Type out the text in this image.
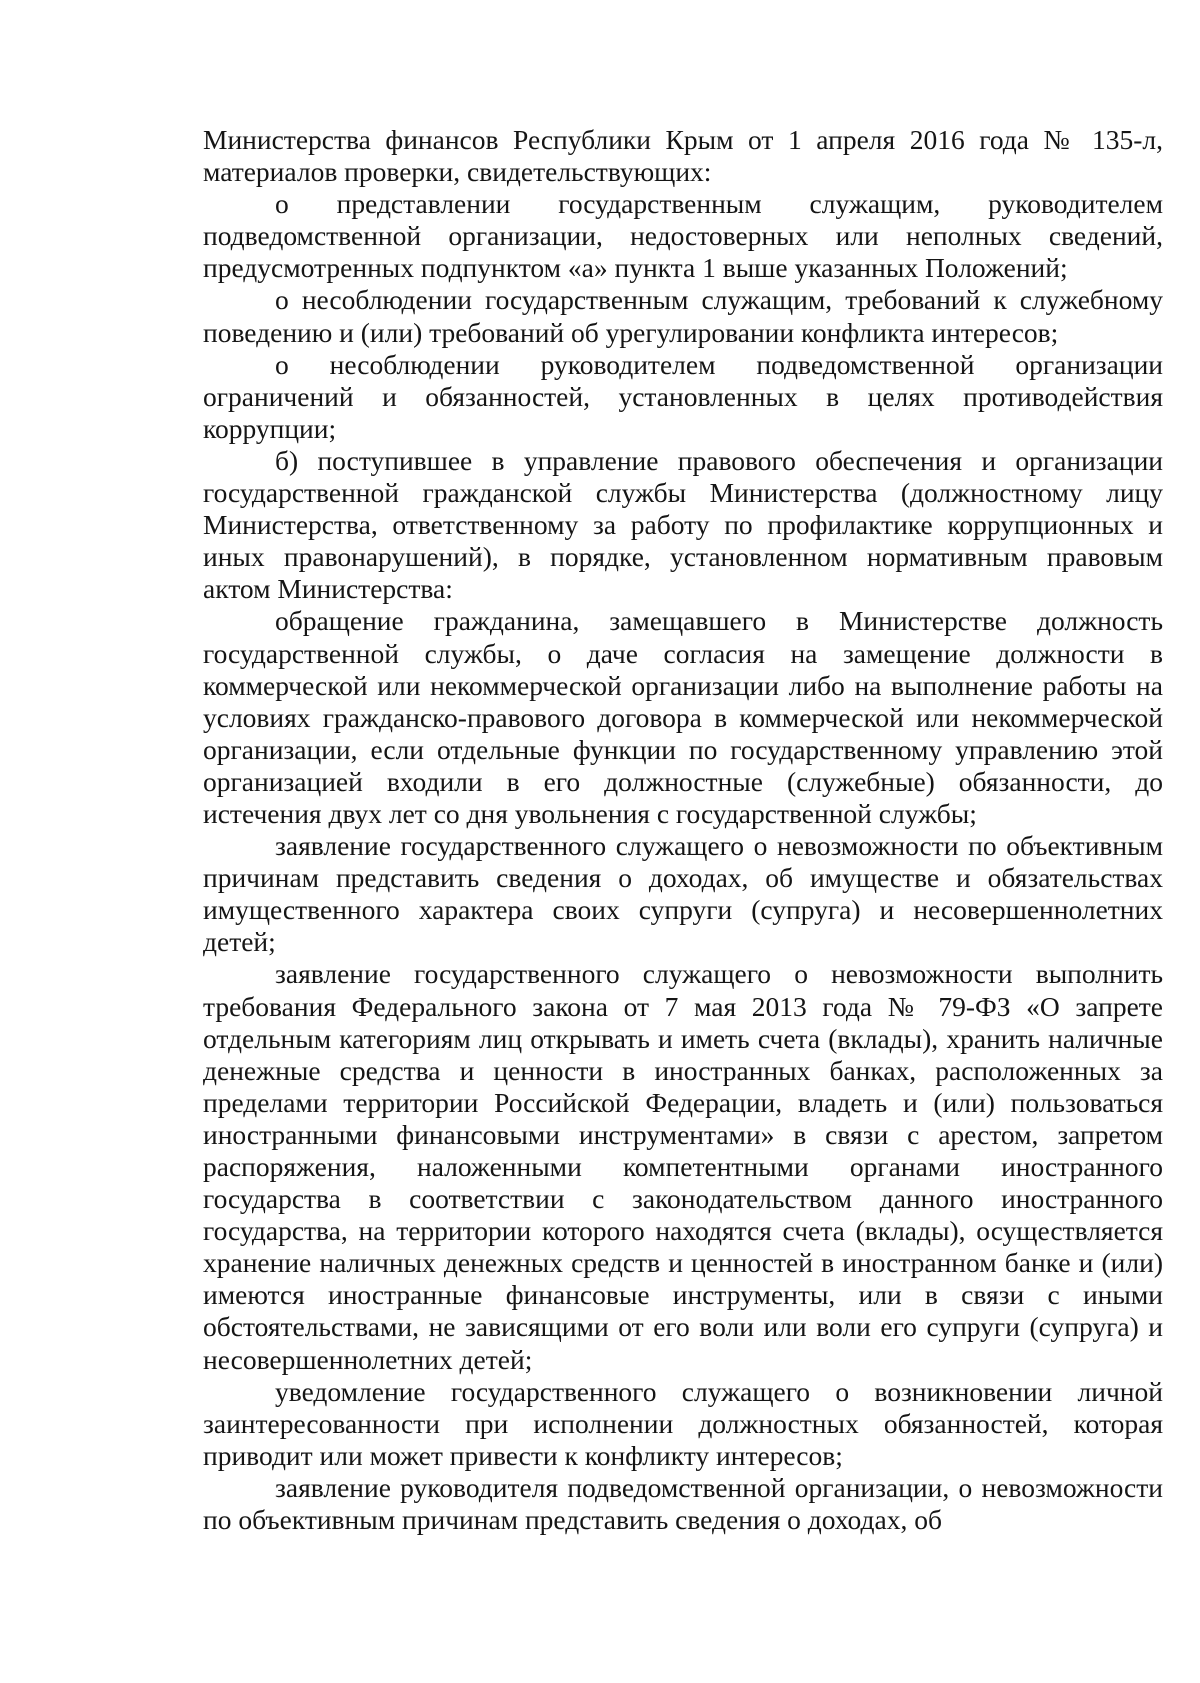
Министерства финансов Республики Крым от 1 апреля 2016 года № 135-л, материалов проверки, свидетельствующих:

о представлении государственным служащим, руководителем подведомственной организации, недостоверных или неполных сведений, предусмотренных подпунктом «а» пункта 1 выше указанных Положений;

о несоблюдении государственным служащим, требований к служебному поведению и (или) требований об урегулировании конфликта интересов;

о несоблюдении руководителем подведомственной организации ограничений и обязанностей, установленных в целях противодействия коррупции;

б) поступившее в управление правового обеспечения и организации государственной гражданской службы Министерства (должностному лицу Министерства, ответственному за работу по профилактике коррупционных и иных правонарушений), в порядке, установленном нормативным правовым актом Министерства:

обращение гражданина, замещавшего в Министерстве должность государственной службы, о даче согласия на замещение должности в коммерческой или некоммерческой организации либо на выполнение работы на условиях гражданско-правового договора в коммерческой или некоммерческой организации, если отдельные функции по государственному управлению этой организацией входили в его должностные (служебные) обязанности, до истечения двух лет со дня увольнения с государственной службы;

заявление государственного служащего о невозможности по объективным причинам представить сведения о доходах, об имуществе и обязательствах имущественного характера своих супруги (супруга) и несовершеннолетних детей;

заявление государственного служащего о невозможности выполнить требования Федерального закона от 7 мая 2013 года № 79-ФЗ «О запрете отдельным категориям лиц открывать и иметь счета (вклады), хранить наличные денежные средства и ценности в иностранных банках, расположенных за пределами территории Российской Федерации, владеть и (или) пользоваться иностранными финансовыми инструментами» в связи с арестом, запретом распоряжения, наложенными компетентными органами иностранного государства в соответствии с законодательством данного иностранного государства, на территории которого находятся счета (вклады), осуществляется хранение наличных денежных средств и ценностей в иностранном банке и (или) имеются иностранные финансовые инструменты, или в связи с иными обстоятельствами, не зависящими от его воли или воли его супруги (супруга) и несовершеннолетних детей;

уведомление государственного служащего о возникновении личной заинтересованности при исполнении должностных обязанностей, которая приводит или может привести к конфликту интересов;

заявление руководителя подведомственной организации, о невозможности по объективным причинам представить сведения о доходах, об
